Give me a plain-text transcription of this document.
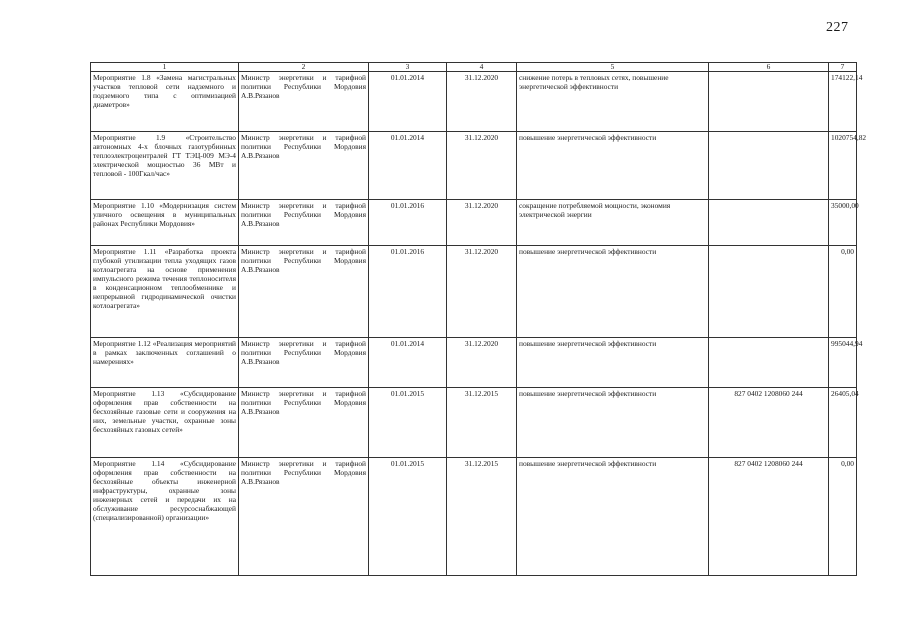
227
1	2	3	4	5	6	7
Мероприятие 1.8 «Замена магистральных участков тепловой сети надземного и подземного типа с оптимизацией диаметров»	Министр энергетики и тарифной политики Республики Мордовия А.В.Рязанов	01.01.2014	31.12.2020	снижение потерь в тепловых сетях, повышение энергетической эффективности		174122,14
Мероприятие 1.9 «Строительство автономных 4-х блочных газотурбинных теплоэлектроцентралей ГТ ТЭЦ-009 МЭ-4 электрической мощностью 36 МВт и тепловой - 100Гкал/час»	Министр энергетики и тарифной политики Республики Мордовия А.В.Рязанов	01.01.2014	31.12.2020	повышение энергетической эффективности		1020754,82
Мероприятие 1.10 «Модернизация систем уличного освещения в муниципальных районах Республики Мордовия»	Министр энергетики и тарифной политики Республики Мордовия А.В.Рязанов	01.01.2016	31.12.2020	сокращение потребляемой мощности, экономия электрической энергии		35000,00
Мероприятие 1.11 «Разработка проекта глубокой утилизации тепла уходящих газов котлоагрегата на основе применения импульсного режима течения теплоносителя в конденсационном теплообменнике и непрерывной гидродинамической очистки котлоагрегата»	Министр энергетики и тарифной политики Республики Мордовия А.В.Рязанов	01.01.2016	31.12.2020	повышение энергетической эффективности		0,00
Мероприятие 1.12 «Реализация мероприятий в рамках заключенных соглашений о намерениях»	Министр энергетики и тарифной политики Республики Мордовия А.В.Рязанов	01.01.2014	31.12.2020	повышение энергетической эффективности		995044,94
Мероприятие 1.13 «Субсидирование оформления прав собственности на бесхозяйные газовые сети и сооружения на них, земельные участки, охранные зоны бесхозяйных газовых сетей»	Министр энергетики и тарифной политики Республики Мордовия А.В.Рязанов	01.01.2015	31.12.2015	повышение энергетической эффективности	827 0402 1208060 244	26405,04
Мероприятие 1.14 «Субсидирование оформления прав собственности на бесхозяйные объекты инженерной инфраструктуры, охранные зоны инженерных сетей и передачи их на обслуживание ресурсоснабжающей (специализированной) организации»	Министр энергетики и тарифной политики Республики Мордовия А.В.Рязанов	01.01.2015	31.12.2015	повышение энергетической эффективности	827 0402 1208060 244	0,00
